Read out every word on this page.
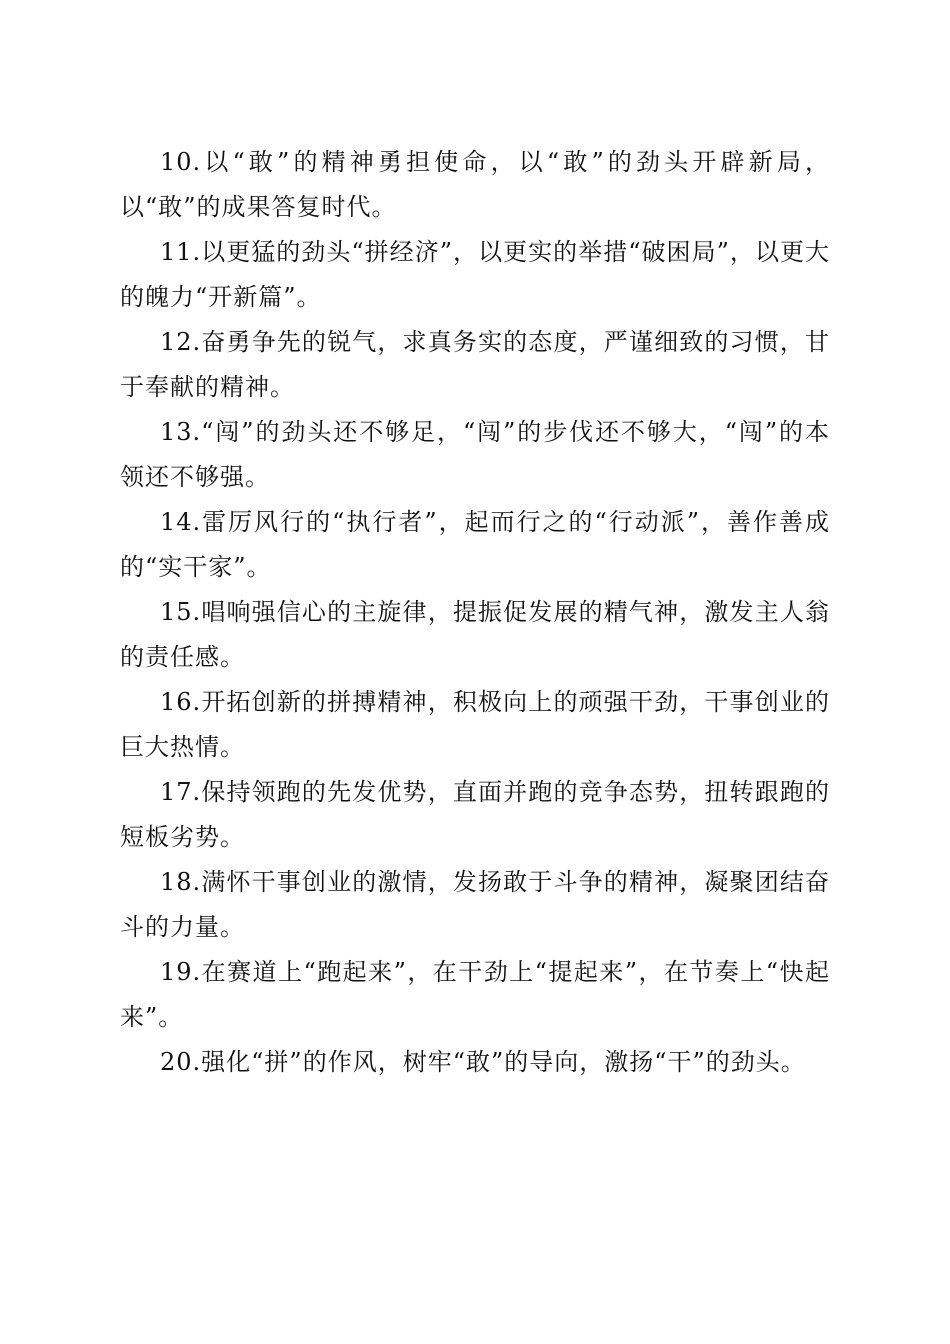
10.以“敢”的精神勇担使命，以“敢”的劲头开辟新局，以“敢”的成果答复时代。

11.以更猛的劲头“拼经济”，以更实的举措“破困局”，以更大的魄力“开新篇”。

12.奋勇争先的锐气，求真务实的态度，严谨细致的习惯，甘于奉献的精神。

13.“闯”的劲头还不够足，“闯”的步伐还不够大，“闯”的本领还不够强。

14.雷厉风行的“执行者”，起而行之的“行动派”，善作善成的“实干家”。

15.唱响强信心的主旋律，提振促发展的精气神，激发主人翁的责任感。

16.开拓创新的拼搏精神，积极向上的顽强干劲，干事创业的巨大热情。

17.保持领跑的先发优势，直面并跑的竞争态势，扭转跟跑的短板劣势。

18.满怀干事创业的激情，发扬敢于斗争的精神，凝聚团结奋斗的力量。

19.在赛道上“跑起来”，在干劲上“提起来”，在节奏上“快起来”。

20.强化“拼”的作风，树牢“敢”的导向，激扬“干”的劲头。
